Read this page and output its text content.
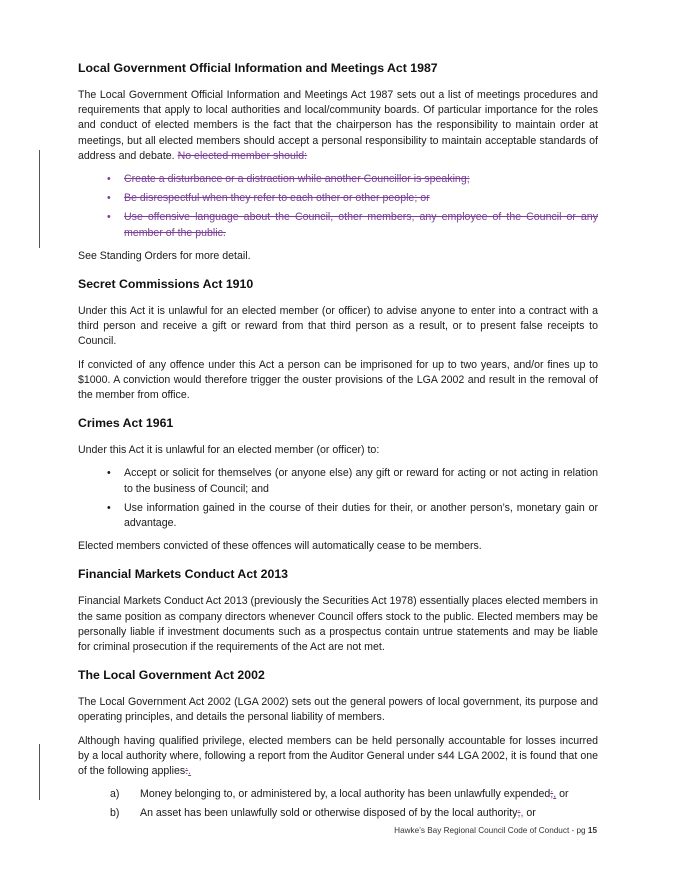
Local Government Official Information and Meetings Act 1987

The Local Government Official Information and Meetings Act 1987 sets out a list of meetings procedures and requirements that apply to local authorities and local/community boards. Of particular importance for the roles and conduct of elected members is the fact that the chairperson has the responsibility to maintain order at meetings, but all elected members should accept a personal responsibility to maintain acceptable standards of address and debate. No elected member should:

• Create a disturbance or a distraction while another Councillor is speaking;
• Be disrespectful when they refer to each other or other people; or
• Use offensive language about the Council, other members, any employee of the Council or any member of the public.

See Standing Orders for more detail.

Secret Commissions Act 1910

Under this Act it is unlawful for an elected member (or officer) to advise anyone to enter into a contract with a third person and receive a gift or reward from that third person as a result, or to present false receipts to Council.

If convicted of any offence under this Act a person can be imprisoned for up to two years, and/or fines up to $1000. A conviction would therefore trigger the ouster provisions of the LGA 2002 and result in the removal of the member from office.

Crimes Act 1961

Under this Act it is unlawful for an elected member (or officer) to:

• Accept or solicit for themselves (or anyone else) any gift or reward for acting or not acting in relation to the business of Council; and
• Use information gained in the course of their duties for their, or another person’s, monetary gain or advantage.

Elected members convicted of these offences will automatically cease to be members.

Financial Markets Conduct Act 2013

Financial Markets Conduct Act 2013 (previously the Securities Act 1978) essentially places elected members in the same position as company directors whenever Council offers stock to the public. Elected members may be personally liable if investment documents such as a prospectus contain untrue statements and may be liable for criminal prosecution if the requirements of the Act are not met.

The Local Government Act 2002

The Local Government Act 2002 (LGA 2002) sets out the general powers of local government, its purpose and operating principles, and details the personal liability of members.

Although having qualified privilege, elected members can be held personally accountable for losses incurred by a local authority where, following a report from the Auditor General under s44 LGA 2002, it is found that one of the following applies:.

a) Money belonging to, or administered by, a local authority has been unlawfully expended;, or
b) An asset has been unlawfully sold or otherwise disposed of by the local authority;, or
Hawke’s Bay Regional Council Code of Conduct - pg 15
